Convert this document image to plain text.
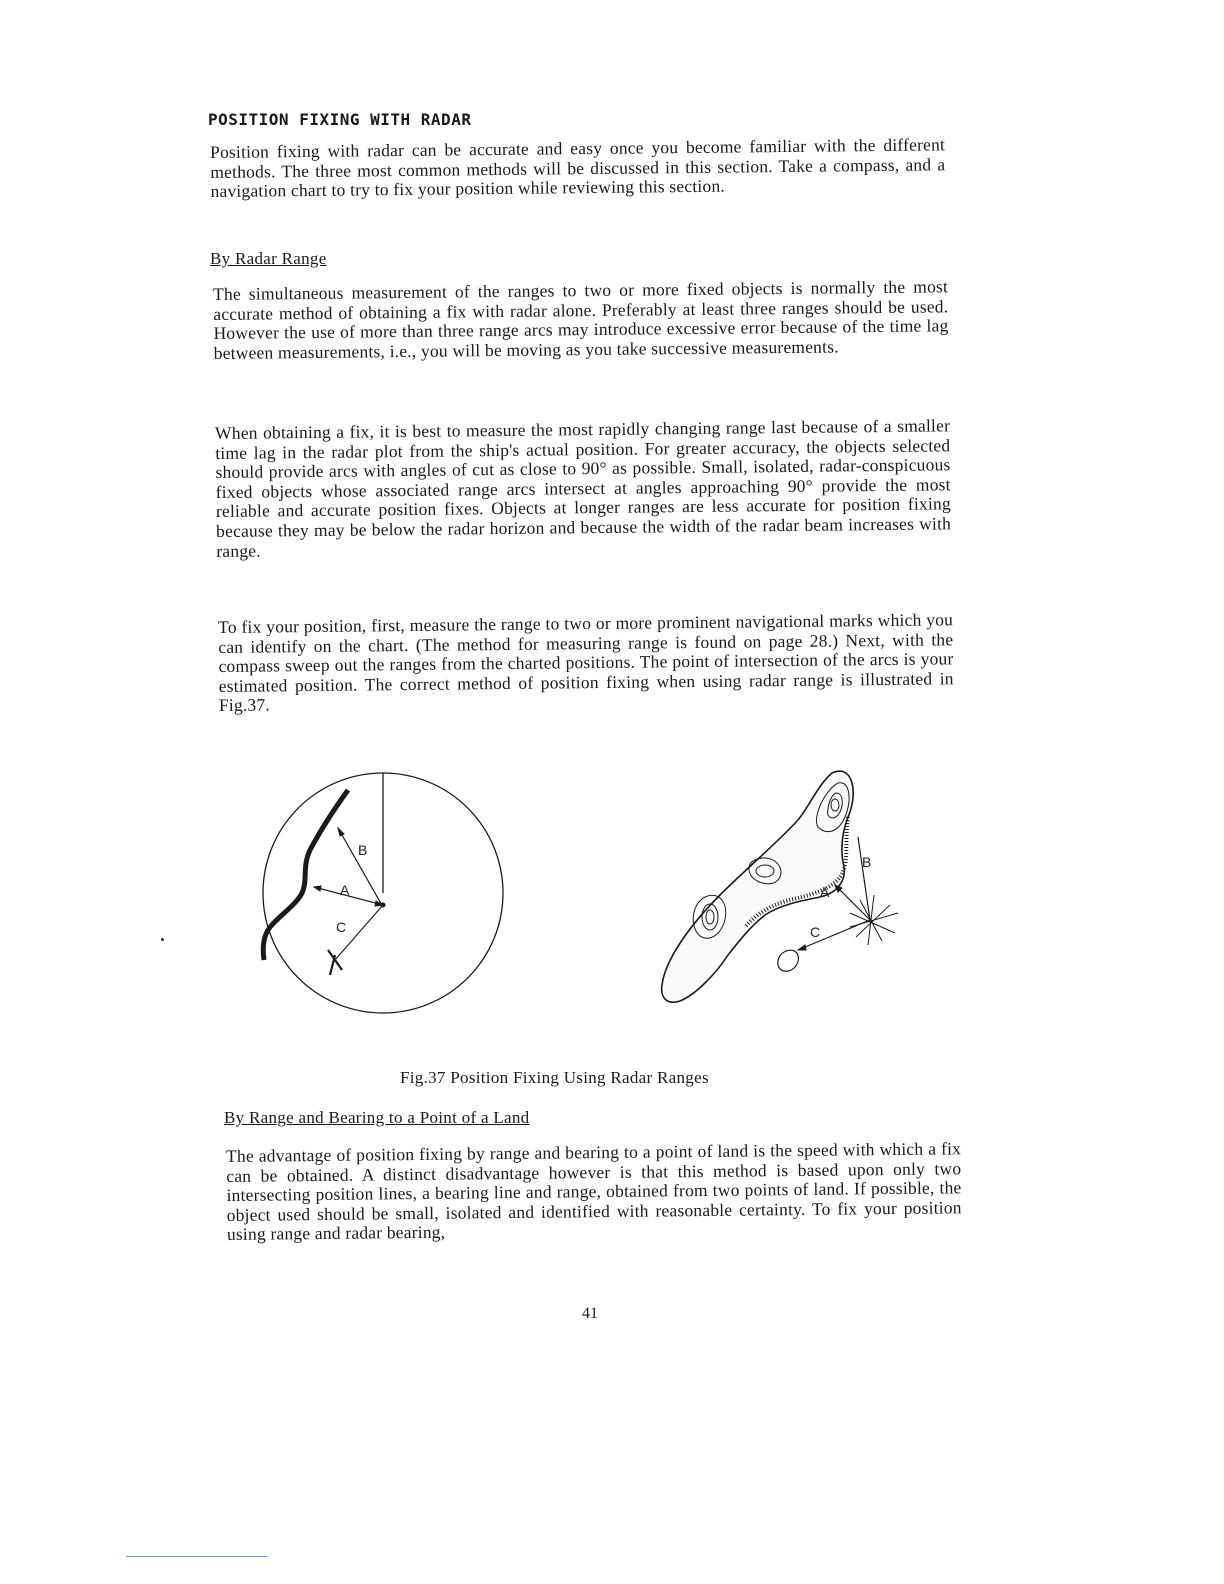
POSITION FIXING WITH RADAR
Position fixing with radar can be accurate and easy once you become familiar with the different methods. The three most common methods will be discussed in this section. Take a compass, and a navigation chart to try to fix your position while reviewing this section.
By Radar Range
The simultaneous measurement of the ranges to two or more fixed objects is normally the most accurate method of obtaining a fix with radar alone. Preferably at least three ranges should be used. However the use of more than three range arcs may introduce excessive error because of the time lag between measurements, i.e., you will be moving as you take successive measurements.
When obtaining a fix, it is best to measure the most rapidly changing range last because of a smaller time lag in the radar plot from the ship's actual position. For greater accuracy, the objects selected should provide arcs with angles of cut as close to 90° as possible. Small, isolated, radar-conspicuous fixed objects whose associated range arcs intersect at angles approaching 90° provide the most reliable and accurate position fixes. Objects at longer ranges are less accurate for position fixing because they may be below the radar horizon and because the width of the radar beam increases with range.
To fix your position, first, measure the range to two or more prominent navigational marks which you can identify on the chart. (The method for measuring range is found on page 28.) Next, with the compass sweep out the ranges from the charted positions. The point of intersection of the arcs is your estimated position. The correct method of position fixing when using radar range is illustrated in Fig.37.
B
A
C
B
A
C
Fig.37 Position Fixing Using Radar Ranges
By Range and Bearing to a Point of a Land
The advantage of position fixing by range and bearing to a point of land is the speed with which a fix can be obtained. A distinct disadvantage however is that this method is based upon only two intersecting position lines, a bearing line and range, obtained from two points of land. If possible, the object used should be small, isolated and identified with reasonable certainty. To fix your position using range and radar bearing,
41
